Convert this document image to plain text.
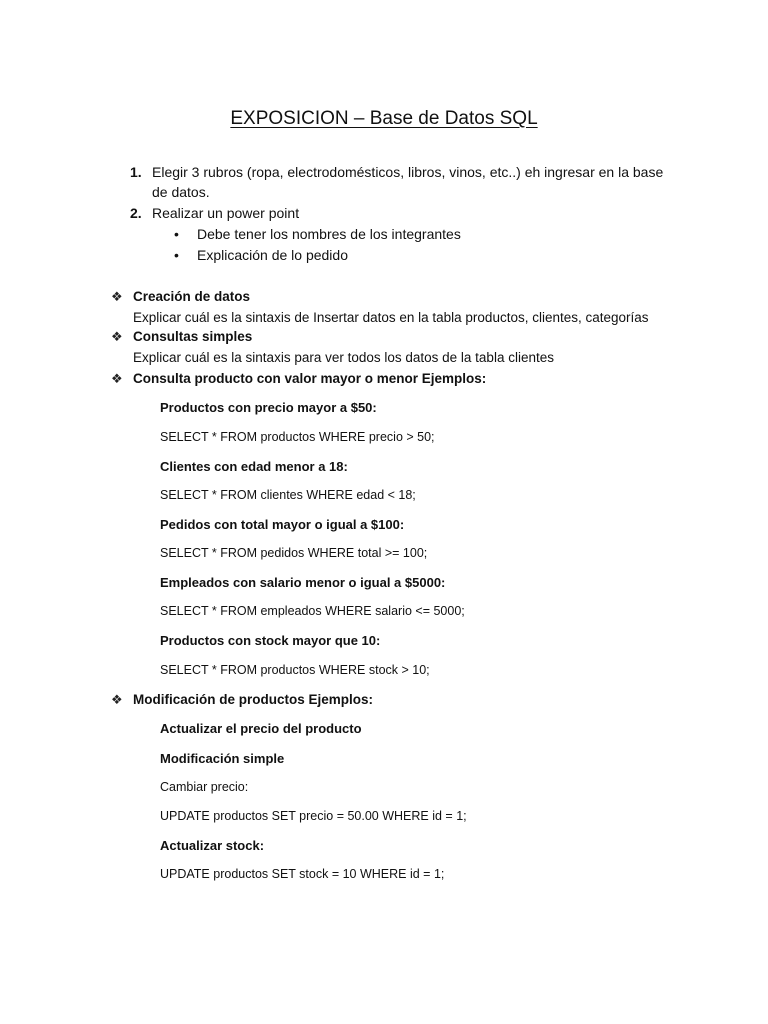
EXPOSICION – Base de Datos SQL
1. Elegir 3 rubros (ropa, electrodomésticos, libros, vinos, etc..) eh ingresar en la base
de datos.
2. Realizar un power point
• Debe tener los nombres de los integrantes
• Explicación de lo pedido
❖ Creación de datos
Explicar cuál es la sintaxis de Insertar datos en la tabla productos, clientes, categorías
❖ Consultas simples
Explicar cuál es la sintaxis para ver todos los datos de la tabla clientes
❖ Consulta producto con valor mayor o menor Ejemplos:
Productos con precio mayor a $50:
SELECT * FROM productos WHERE precio > 50;
Clientes con edad menor a 18:
SELECT * FROM clientes WHERE edad < 18;
Pedidos con total mayor o igual a $100:
SELECT * FROM pedidos WHERE total >= 100;
Empleados con salario menor o igual a $5000:
SELECT * FROM empleados WHERE salario <= 5000;
Productos con stock mayor que 10:
SELECT * FROM productos WHERE stock > 10;
❖ Modificación de productos Ejemplos:
Actualizar el precio del producto
Modificación simple
Cambiar precio:
UPDATE productos SET precio = 50.00 WHERE id = 1;
Actualizar stock:
UPDATE productos SET stock = 10 WHERE id = 1;
